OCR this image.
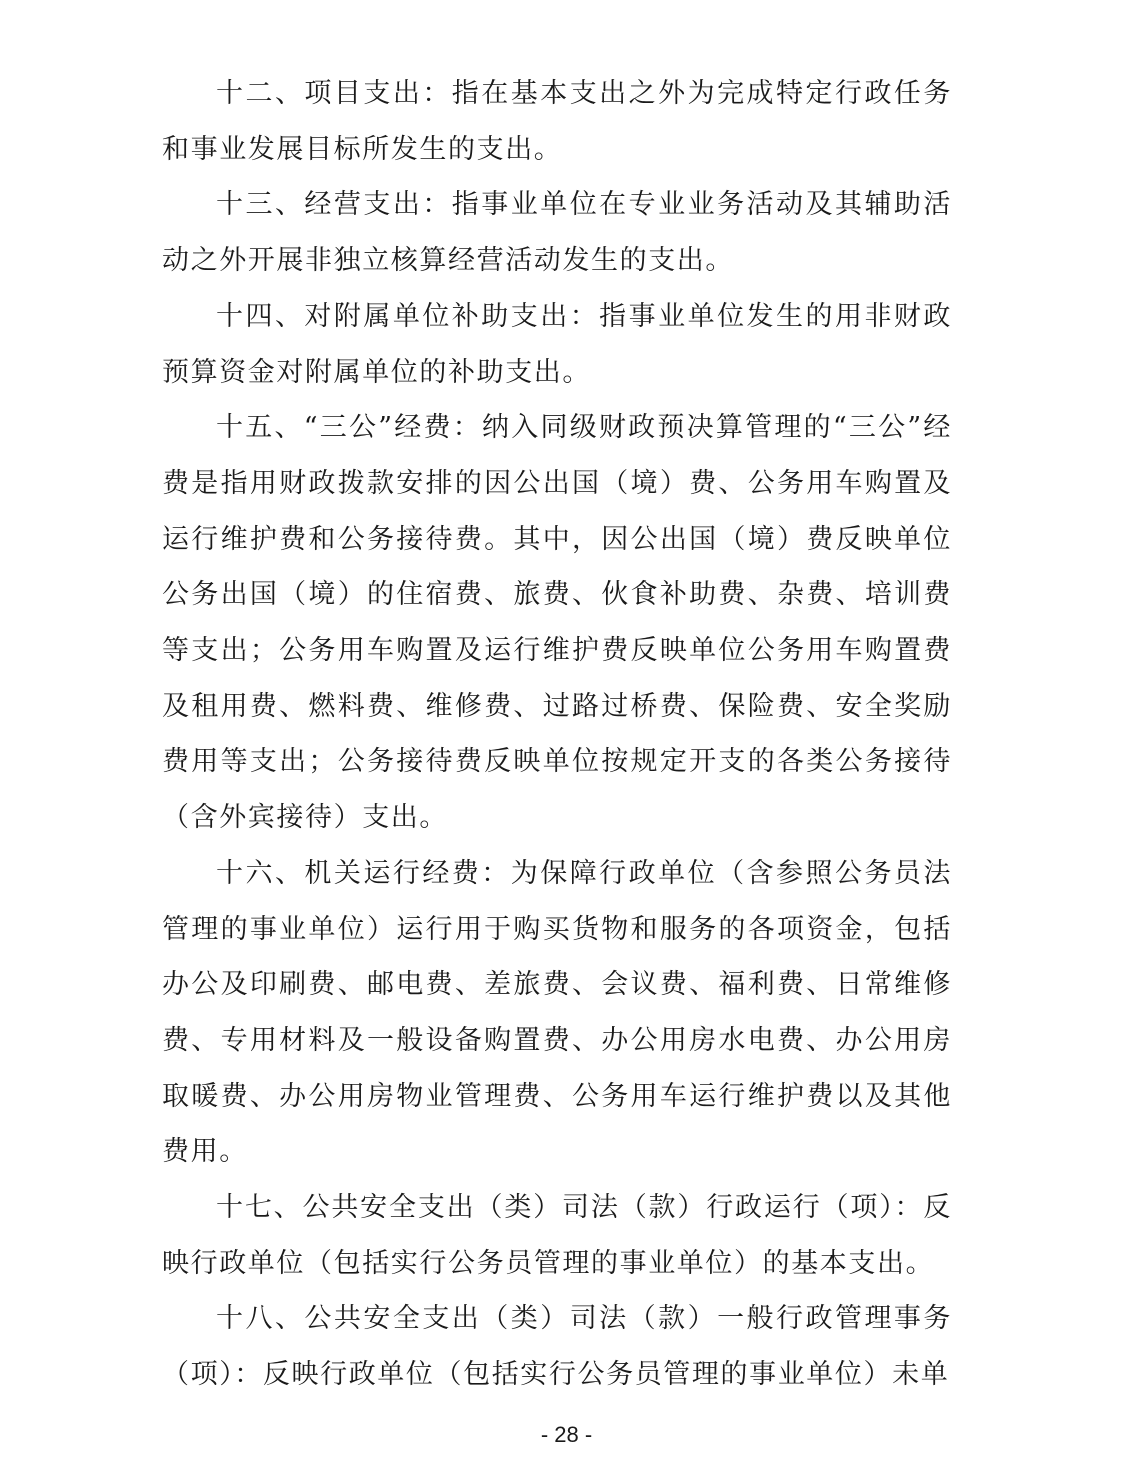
十二、项目支出：指在基本支出之外为完成特定行政任务和事业发展目标所发生的支出。

十三、经营支出：指事业单位在专业业务活动及其辅助活动之外开展非独立核算经营活动发生的支出。

十四、对附属单位补助支出：指事业单位发生的用非财政预算资金对附属单位的补助支出。

十五、“三公”经费：纳入同级财政预决算管理的“三公”经费是指用财政拨款安排的因公出国（境）费、公务用车购置及运行维护费和公务接待费。其中，因公出国（境）费反映单位公务出国（境）的住宿费、旅费、伙食补助费、杂费、培训费等支出；公务用车购置及运行维护费反映单位公务用车购置费及租用费、燃料费、维修费、过路过桥费、保险费、安全奖励费用等支出；公务接待费反映单位按规定开支的各类公务接待（含外宾接待）支出。

十六、机关运行经费：为保障行政单位（含参照公务员法管理的事业单位）运行用于购买货物和服务的各项资金，包括办公及印刷费、邮电费、差旅费、会议费、福利费、日常维修费、专用材料及一般设备购置费、办公用房水电费、办公用房取暖费、办公用房物业管理费、公务用车运行维护费以及其他费用。

十七、公共安全支出（类）司法（款）行政运行（项）：反映行政单位（包括实行公务员管理的事业单位）的基本支出。

十八、公共安全支出（类）司法（款）一般行政管理事务（项）：反映行政单位（包括实行公务员管理的事业单位）未单

- 28 -
